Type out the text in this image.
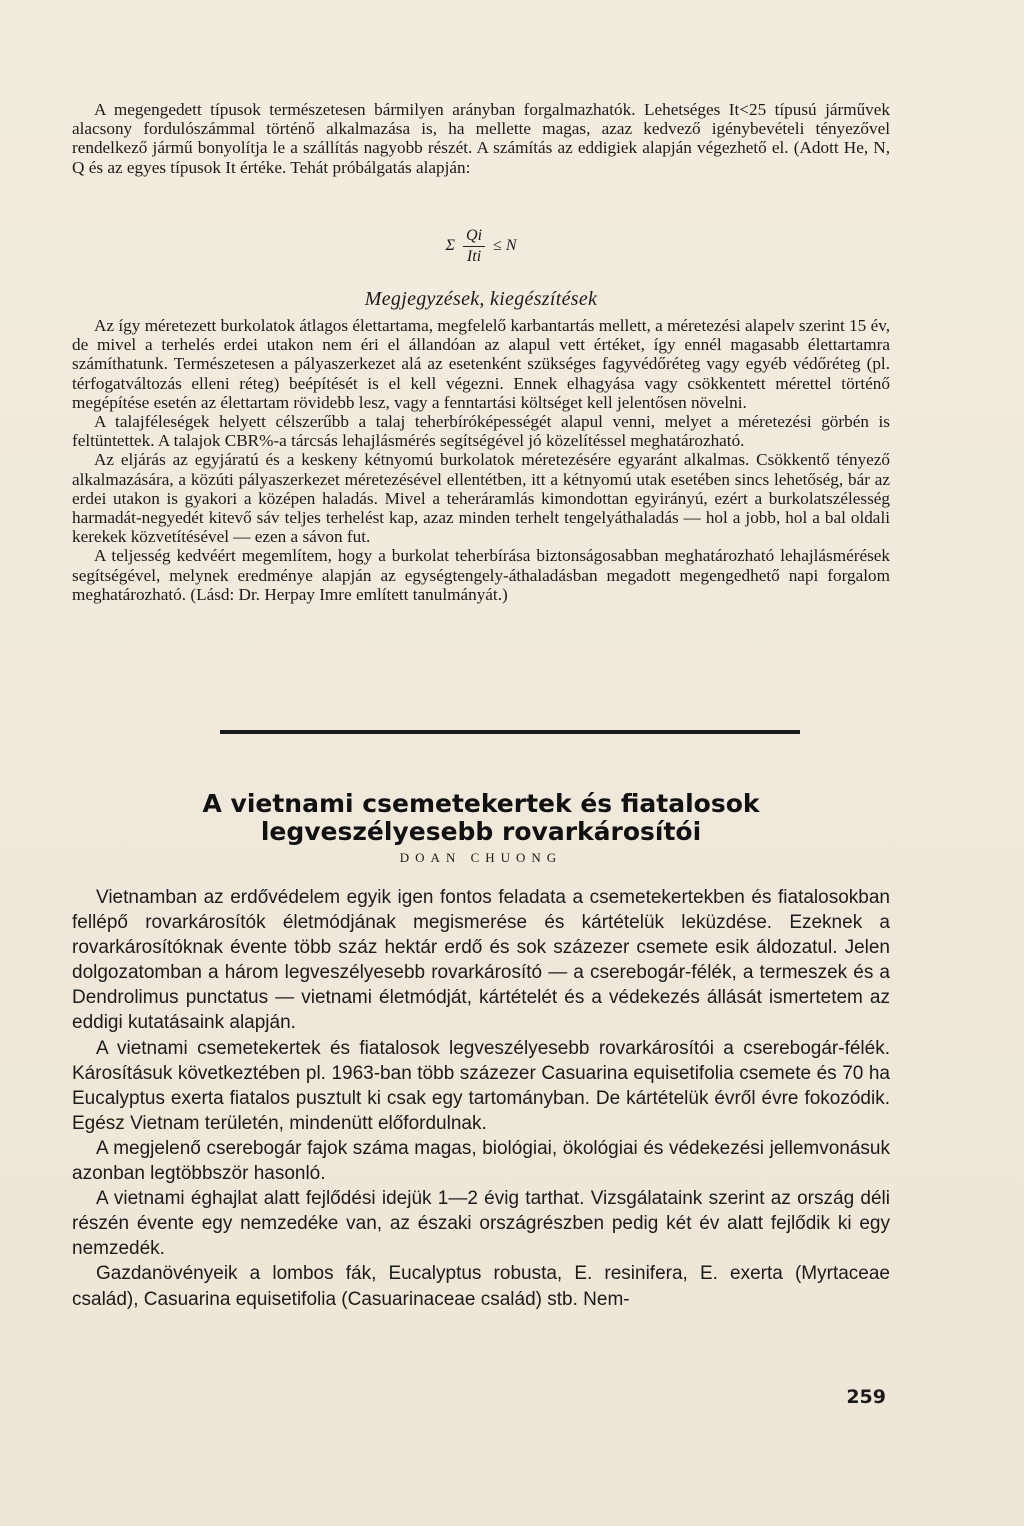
A megengedett típusok természetesen bármilyen arányban forgalmazhatók. Lehetséges It<25 típusú járművek alacsony fordulószámmal történő alkalmazása is, ha mellette magas, azaz kedvező igénybevételi tényezővel rendelkező jármű bonyolítja le a szállítás nagyobb részét. A számítás az eddigiek alapján végezhető el. (Adott He, N, Q és az egyes típusok It értéke. Tehát próbálgatás alapján:

Σ $\frac{Qi}{\text{Iti}} \le N$
Megjegyzések, kiegészítések

Az így méretezett burkolatok átlagos élettartama, megfelelő karbantartás mellett, a méretezési alapelv szerint 15 év, de mivel a terhelés erdei utakon nem éri el állandóan az alapul vett értéket, így ennél magasabb élettartamra számíthatunk. Természetesen a pályaszerkezet alá az esetenként szükséges fagyvédőréteg vagy egyéb védőréteg (pl. térfogatváltozás elleni réteg) beépítését is el kell végezni. Ennek elhagyása vagy csökkentett mérettel történő megépítése esetén az élettartam rövidebb lesz, vagy a fenntartási költséget kell jelentősen növelni.

A talajféleségek helyett célszerűbb a talaj teherbíróképességét alapul venni, melyet a méretezési görbén is feltüntettek. A talajok CBR%-a tárcsás lehajlásmérés segítségével jó közelítéssel meghatározható.

Az eljárás az egyjáratú és a keskeny kétnyomú burkolatok méretezésére egyaránt alkalmas. Csökkentő tényező alkalmazására, a közúti pályaszerkezet méretezésével ellentétben, itt a kétnyomú utak esetében sincs lehetőség, bár az erdei utakon is gyakori a középen haladás. Mivel a teheráramlás kimondottan egyirányú, ezért a burkolatszélesség harmadát-negyedét kitevő sáv teljes terhelést kap, azaz minden terhelt tengelyáthaladás — hol a jobb, hol a bal oldali kerekek közvetítésével — ezen a sávon fut.

A teljesség kedvéért megemlítem, hogy a burkolat teherbírása biztonságosabban meghatározható lehajlásmérések segítségével, melynek eredménye alapján az egységtengely-áthaladásban megadott megengedhető napi forgalom meghatározható. (Lásd: Dr. Herpay Imre említett tanulmányát.)

A vietnami csemetekertek és fiatalosok
legveszélyesebb rovarkárosítói
DOAN CHUONG

Vietnamban az erdővédelem egyik igen fontos feladata a csemetekertekben és fiatalosokban fellépő rovarkárosítók életmódjának megismerése és kártételük leküzdése. Ezeknek a rovarkárosítóknak évente több száz hektár erdő és sok százezer csemete esik áldozatul. Jelen dolgozatomban a három legveszélyesebb rovarkárosító — a cserebogár-félék, a termeszek és a Dendrolimus punctatus — vietnami életmódját, kártételét és a védekezés állását ismertetem az eddigi kutatásaink alapján.

A vietnami csemetekertek és fiatalosok legveszélyesebb rovarkárosítói a cserebogár-félék. Károsításuk következtében pl. 1963-ban több százezer Casuarina equisetifolia csemete és 70 ha Eucalyptus exerta fiatalos pusztult ki csak egy tartományban. De kártételük évről évre fokozódik. Egész Vietnam területén, mindenütt előfordulnak.

A megjelenő cserebogár fajok száma magas, biológiai, ökológiai és védekezési jellemvonásuk azonban legtöbbször hasonló.

A vietnami éghajlat alatt fejlődési idejük 1—2 évig tarthat. Vizsgálataink szerint az ország déli részén évente egy nemzedéke van, az északi országrészben pedig két év alatt fejlődik ki egy nemzedék.

Gazdanövényeik a lombos fák, Eucalyptus robusta, E. resinifera, E. exerta (Myrtaceae család), Casuarina equisetifolia (Casuarinaceae család) stb. Nem-

259
